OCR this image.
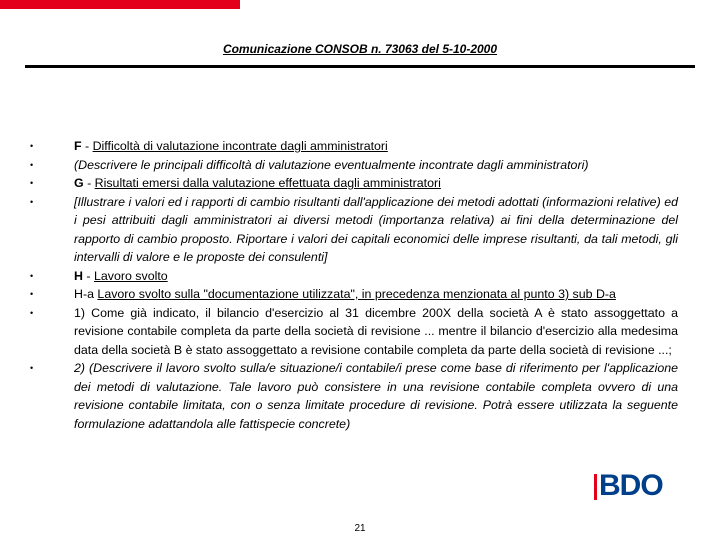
Comunicazione CONSOB n. 73063 del 5-10-2000
•	F - Difficoltà di valutazione incontrate dagli amministratori
•	(Descrivere le principali difficoltà di valutazione eventualmente incontrate dagli amministratori)
•	G - Risultati emersi dalla valutazione effettuata dagli amministratori
•	[Illustrare i valori ed i rapporti di cambio risultanti dall'applicazione dei metodi adottati (informazioni relative) ed i pesi attribuiti dagli amministratori ai diversi metodi (importanza relativa) ai fini della determinazione del rapporto di cambio proposto. Riportare i valori dei capitali economici delle imprese risultanti, da tali metodi, gli intervalli di valore e le proposte dei consulenti]
•	H - Lavoro svolto
•	H-a Lavoro svolto sulla "documentazione utilizzata", in precedenza menzionata al punto 3) sub D-a
•	1) Come già indicato, il bilancio d'esercizio al 31 dicembre 200X della società A è stato assoggettato a revisione contabile completa da parte della società di revisione ... mentre il bilancio d'esercizio alla medesima data della società B è stato assoggettato a revisione contabile completa da parte della società di revisione ...;
•	2) (Descrivere il lavoro svolto sulla/e situazione/i contabile/i prese come base di riferimento per l'applicazione dei metodi di valutazione. Tale lavoro può consistere in una revisione contabile completa ovvero di una revisione contabile limitata, con o senza limitate procedure di revisione. Potrà essere utilizzata la seguente formulazione adattandola alle fattispecie concrete)
BDO
21
